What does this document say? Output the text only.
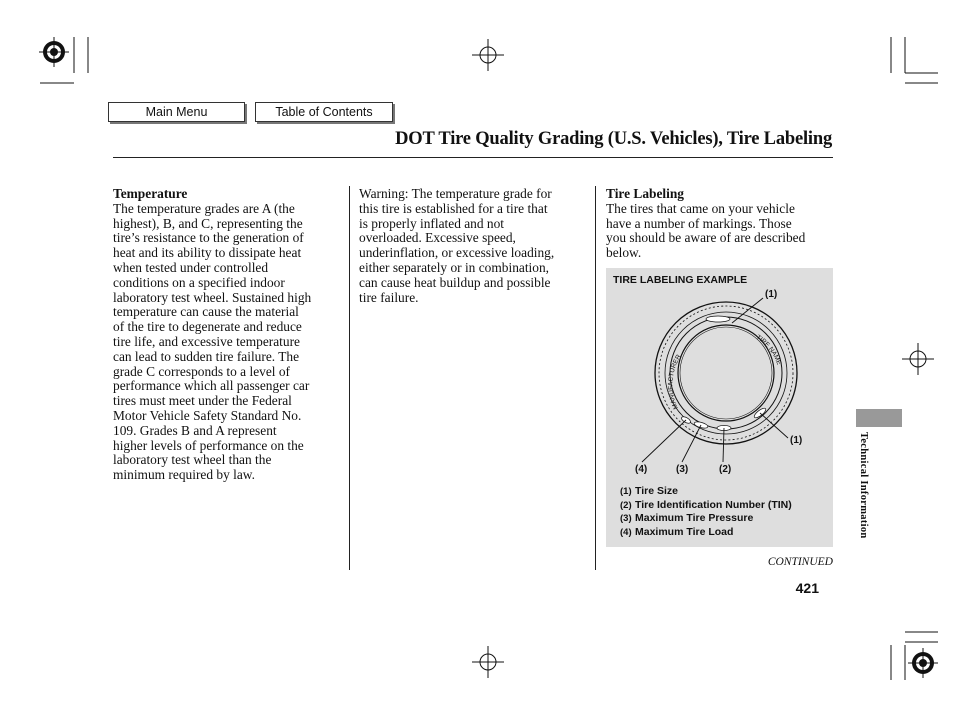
Main Menu	Table of Contents
DOT Tire Quality Grading (U.S. Vehicles), Tire Labeling
Temperature
The temperature grades are A (the
highest), B, and C, representing the
tire’s resistance to the generation of
heat and its ability to dissipate heat
when tested under controlled
conditions on a specified indoor
laboratory test wheel. Sustained high
temperature can cause the material
of the tire to degenerate and reduce
tire life, and excessive temperature
can lead to sudden tire failure. The
grade C corresponds to a level of
performance which all passenger car
tires must meet under the Federal
Motor Vehicle Safety Standard No.
109. Grades B and A represent
higher levels of performance on the
laboratory test wheel than the
minimum required by law.
Warning: The temperature grade for
this tire is established for a tire that
is properly inflated and not
overloaded. Excessive speed,
underinflation, or excessive loading,
either separately or in combination,
can cause heat buildup and possible
tire failure.
Tire Labeling
The tires that came on your vehicle
have a number of markings. Those
you should be aware of are described
below.
TIRE LABELING EXAMPLE
MANUFACTURER
TIRE NAME
(1)
(1)
(4)	(3)	(2)
(1) Tire Size
(2) Tire Identification Number (TIN)
(3) Maximum Tire Pressure
(4) Maximum Tire Load
CONTINUED
421
Technical Information
